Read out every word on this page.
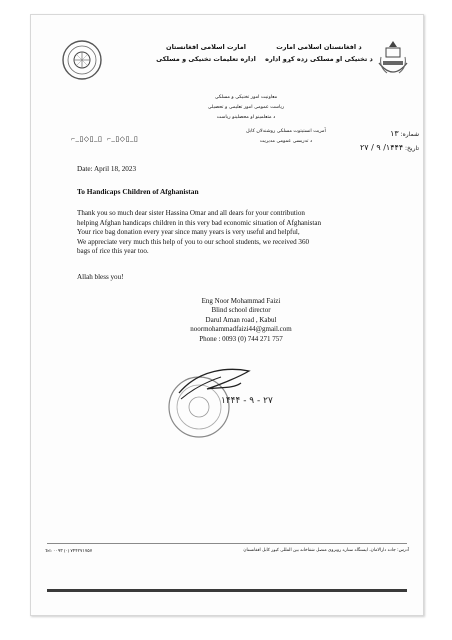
امارت اسلامی افغانستان
اداره تعلیمات تخنیکی و مسلکی
د افغانستان اسلامی امارت
د تخنیکی او مسلکی زده کړو اداره
معاونیت امور تخنیکی و مسلکی
ریاست عمومی امور تعلیمی و تحصیلی
د متعلمینو او محصلینو ریاست
آمریت انستیتوت مسلکی روشندلان کابل
د تدریسی عمومی مدیریت
⌐_▯◇▯_▯  ⌐_▯◇▯_▯
شماره: ۱۳
تاریخ: ۱۴۴۴/ ۹ / ۲۷
Date: April 18, 2023
To Handicaps Children of Afghanistan
Thank you so much dear sister Hassina Omar and all dears for your contribution
helping Afghan handicaps children in this very bad economic situation of Afghanistan
Your rice bag donation every year since many years is very useful and helpful,
We appreciate very much this help of you to our school students, we received 360
bags of rice this year too.
Allah bless you!
Eng Noor Mohammad Faizi
Blind school director
Darul Aman road , Kabul
noormohammadfaizi44@gmail.com
Phone : 0093 (0) 744 271 757
۱۴۴۴ - ۹ - ۲۷
Tel: ۰۰۹۳ (۰) ۷۴۴۲۷۱۷۵۷	آدرس: جاده دارالامان، ایستگاه ستاره روبروی متصل شفاخانه بین المللی کیور کابل افغانستان
